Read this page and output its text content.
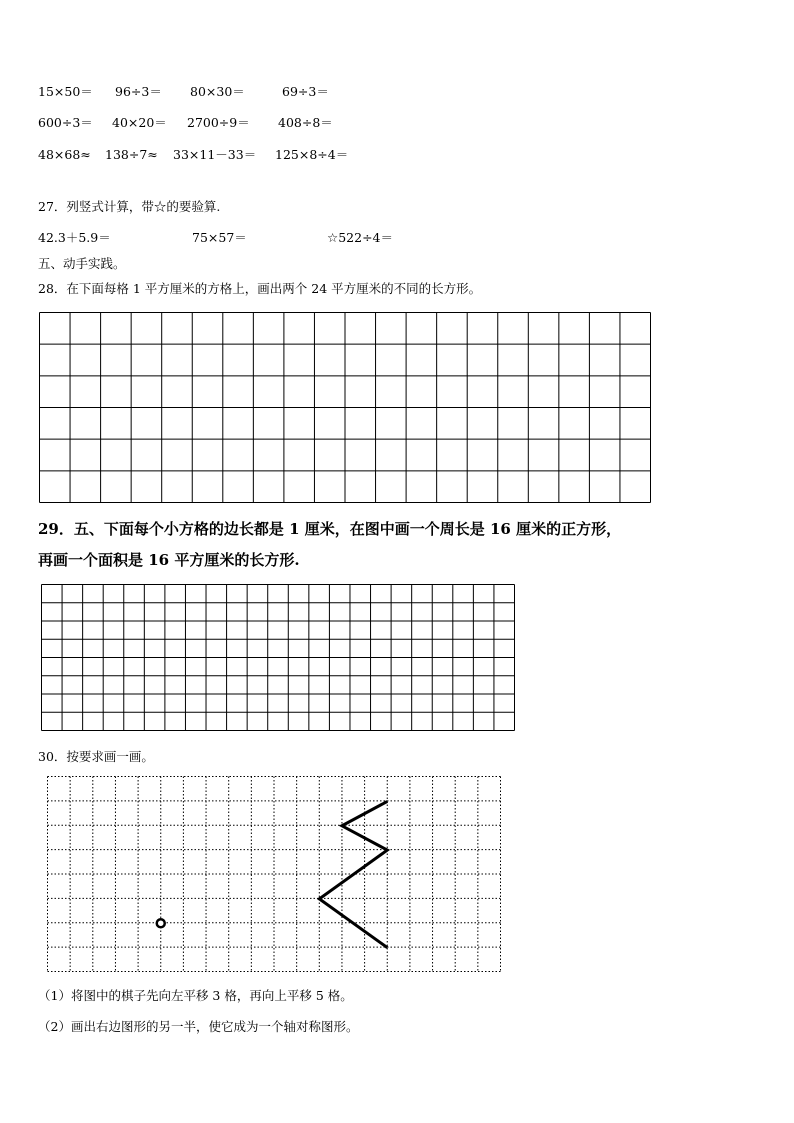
15×50＝ 96÷3＝ 80×30＝	69÷3＝
600÷3＝ 40×20＝ 2700÷9＝ 408÷8＝
48×68≈ 138÷7≈ 33×11－33＝ 125×8÷4＝
27．列竖式计算，带☆的要验算.
42.3＋5.9＝	75×57＝	☆522÷4＝
五、动手实践。
28．在下面每格 1 平方厘米的方格上，画出两个 24 平方厘米的不同的长方形。
29．五、下面每个小方格的边长都是 1 厘米，在图中画一个周长是 16 厘米的正方形，
再画一个面积是 16 平方厘米的长方形.
30．按要求画一画。
（1）将图中的棋子先向左平移 3 格，再向上平移 5 格。
（2）画出右边图形的另一半，使它成为一个轴对称图形。
